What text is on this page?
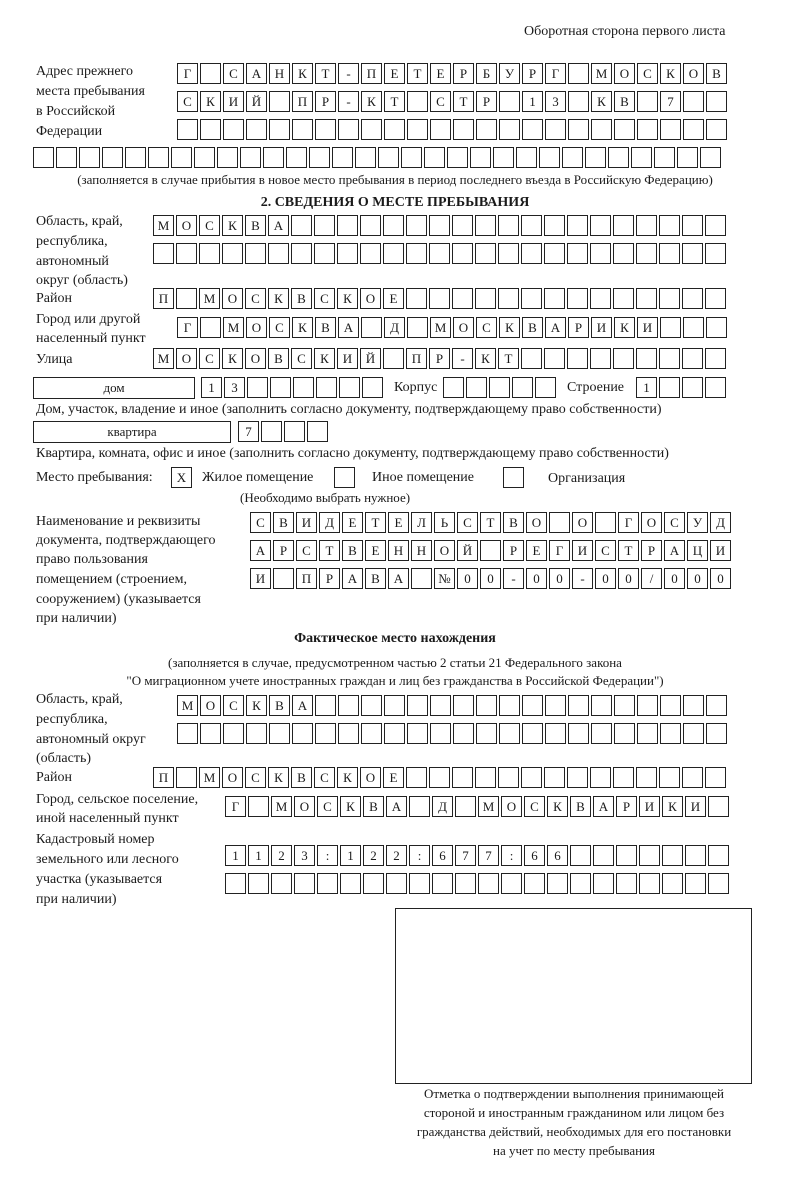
Оборотная сторона первого листа
Адрес прежнего
места пребывания
в Российской
Федерации
Г	С	А	Н	К	Т	-	П	Е	Т	Е	Р	Б	У	Р	Г	М О	С	К	О	В
С	К	И	Й	П	Р	-	К	Т	С	Т	Р	1	3	К	В	7
(заполняется в случае прибытия в новое место пребывания в период последнего въезда в Российскую Федерацию)
2. СВЕДЕНИЯ О МЕСТЕ ПРЕБЫВАНИЯ
Область, край,
республика,
автономный
округ (область)
М О	С	К	В	А
Район	П	М О	С	К	В	С	К	О	Е
Город или другой
населенный пункт
Г	М О	С	К	В	А	Д	М О	С	К	В	А	Р	И	К	И
Улица	М О	С	К	О	В	С	К	И	Й	П	Р	-	К	Т
дом	1	3	Корпус	Строение	1
Дом, участок, владение и иное (заполнить согласно документу, подтверждающему право собственности)
квартира	7
Квартира, комната, офис и иное (заполнить согласно документу, подтверждающему право собственности)
Место пребывания:	X	Жилое помещение	Иное помещение	Организация
(Необходимо выбрать нужное)
Наименование и реквизиты
документа, подтверждающего
право пользования
помещением (строением,
сооружением) (указывается
при наличии)
С	В	И	Д	Е	Т	Е	Л	Ь	С	Т	В	О	О	Г	О	С	У	Д
А	Р	С	Т	В	Е	Н	Н	О	Й	Р	Е	Г	И	С	Т	Р	А	Ц	И
И	П	Р	А	В	А	№	0	0	-	0	0	-	0	0	/	0	0	0
Фактическое место нахождения
(заполняется в случае, предусмотренном частью 2 статьи 21 Федерального закона
"О миграционном учете иностранных граждан и лиц без гражданства в Российской Федерации")
Область, край,
республика,
автономный округ
(область)
М О	С	К	В	А
Район	П	М О	С	К	В	С	К	О	Е
Город, сельское поселение,
иной населенный пункт
Г	М О	С	К	В	А	Д	М О	С	К	В	А	Р	И	К	И
Кадастровый номер
земельного или лесного
участка (указывается
при наличии)
1	1	2	3	:	1	2	2	:	6	7	7	:	6	6
Отметка о подтверждении выполнения принимающей
стороной и иностранным гражданином или лицом без
гражданства действий, необходимых для его постановки
на учет по месту пребывания
